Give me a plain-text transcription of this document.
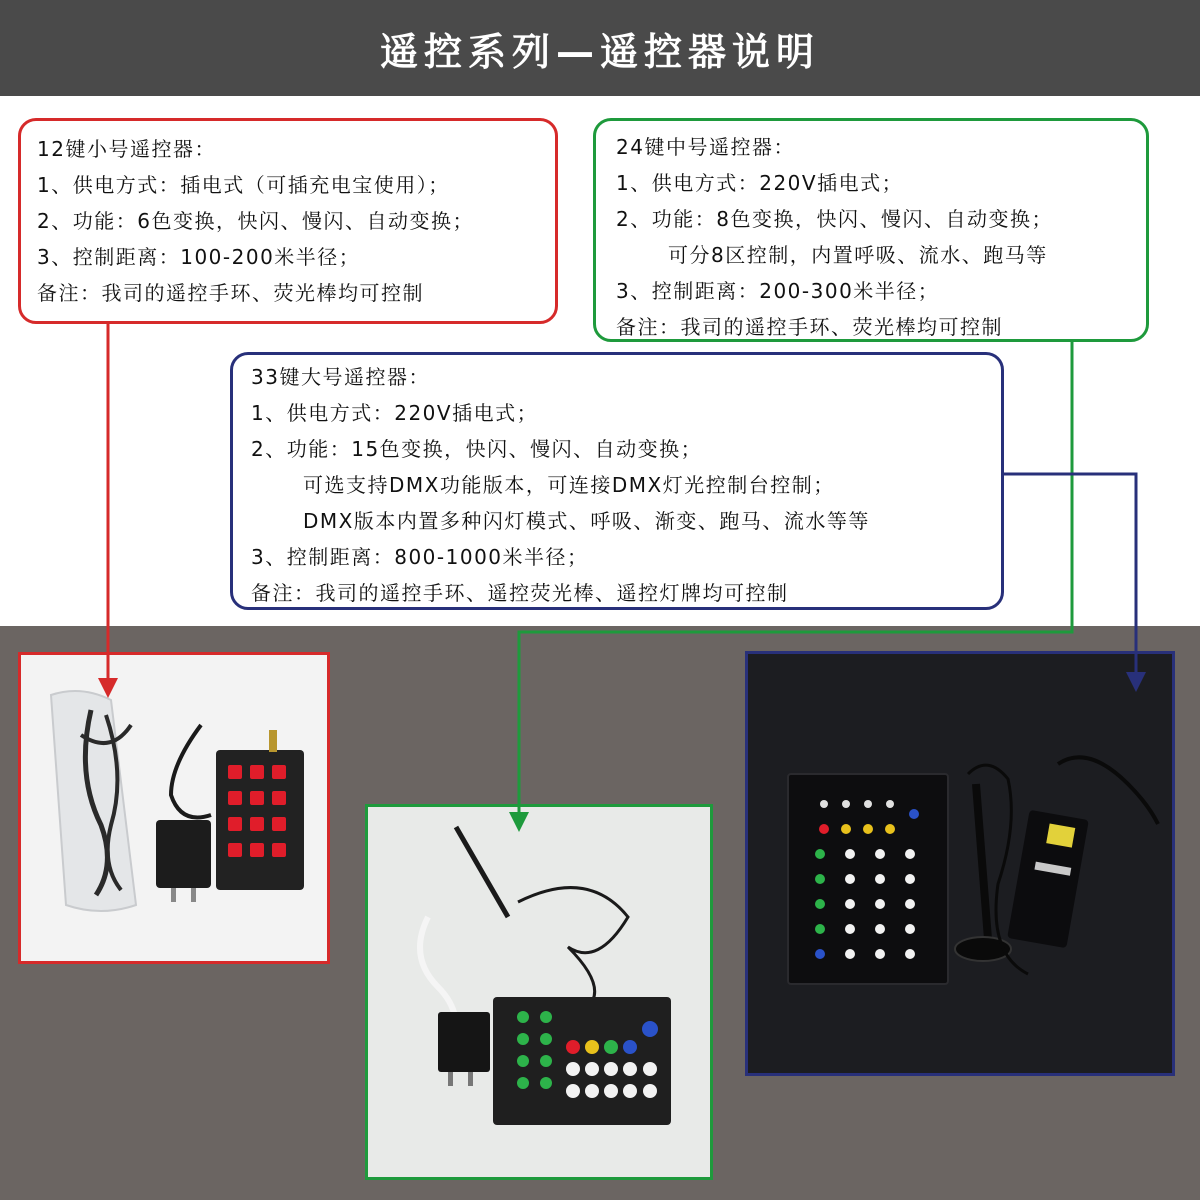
遥控系列—遥控器说明
12键小号遥控器：
1、供电方式：插电式（可插充电宝使用）；
2、功能：6色变换，快闪、慢闪、自动变换；
3、控制距离：100-200米半径；
备注：我司的遥控手环、荧光棒均可控制
24键中号遥控器：
1、供电方式：220V插电式；
2、功能：8色变换，快闪、慢闪、自动变换；
可分8区控制，内置呼吸、流水、跑马等
3、控制距离：200-300米半径；
备注：我司的遥控手环、荧光棒均可控制
33键大号遥控器：
1、供电方式：220V插电式；
2、功能：15色变换，快闪、慢闪、自动变换；
可选支持DMX功能版本，可连接DMX灯光控制台控制；
DMX版本内置多种闪灯模式、呼吸、渐变、跑马、流水等等
3、控制距离：800-1000米半径；
备注：我司的遥控手环、遥控荧光棒、遥控灯牌均可控制
